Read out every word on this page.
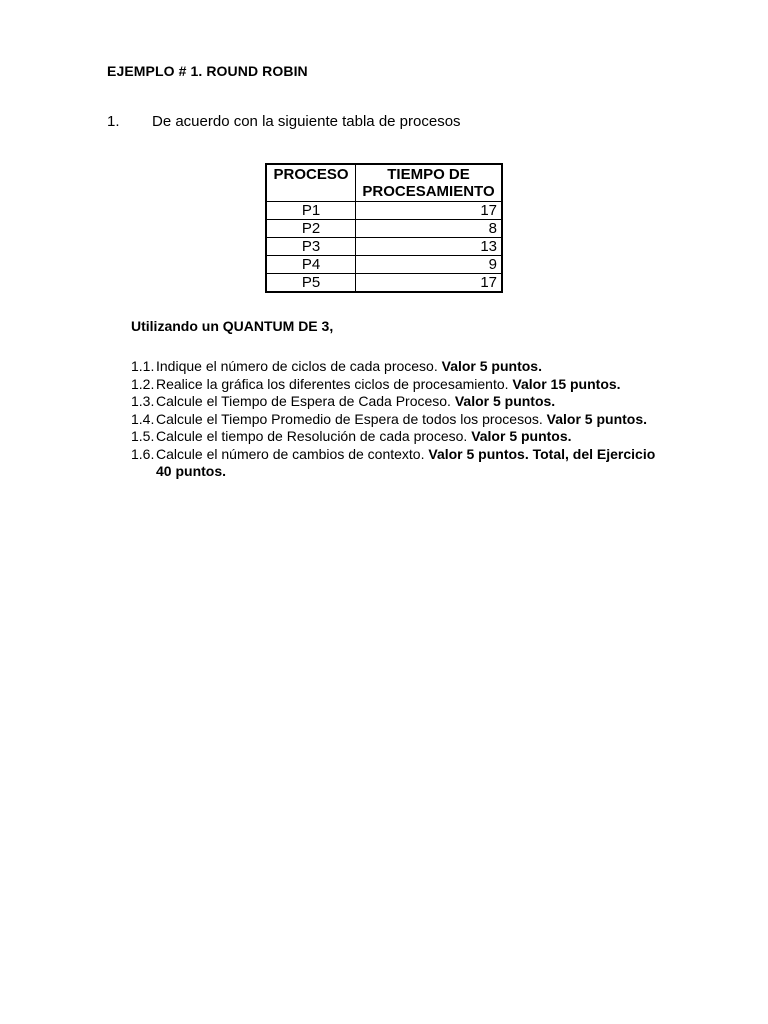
EJEMPLO # 1. ROUND ROBIN
1. De acuerdo con la siguiente tabla de procesos
PROCESO	TIEMPO DE PROCESAMIENTO
P1	17
P2	8
P3	13
P4	9
P5	17
Utilizando un QUANTUM DE 3,
1.1. Indique el número de ciclos de cada proceso. Valor 5 puntos.
1.2. Realice la gráfica los diferentes ciclos de procesamiento. Valor 15 puntos.
1.3. Calcule el Tiempo de Espera de Cada Proceso. Valor 5 puntos.
1.4. Calcule el Tiempo Promedio de Espera de todos los procesos. Valor 5 puntos.
1.5. Calcule el tiempo de Resolución de cada proceso. Valor 5 puntos.
1.6. Calcule el número de cambios de contexto. Valor 5 puntos. Total, del Ejercicio 40 puntos.
